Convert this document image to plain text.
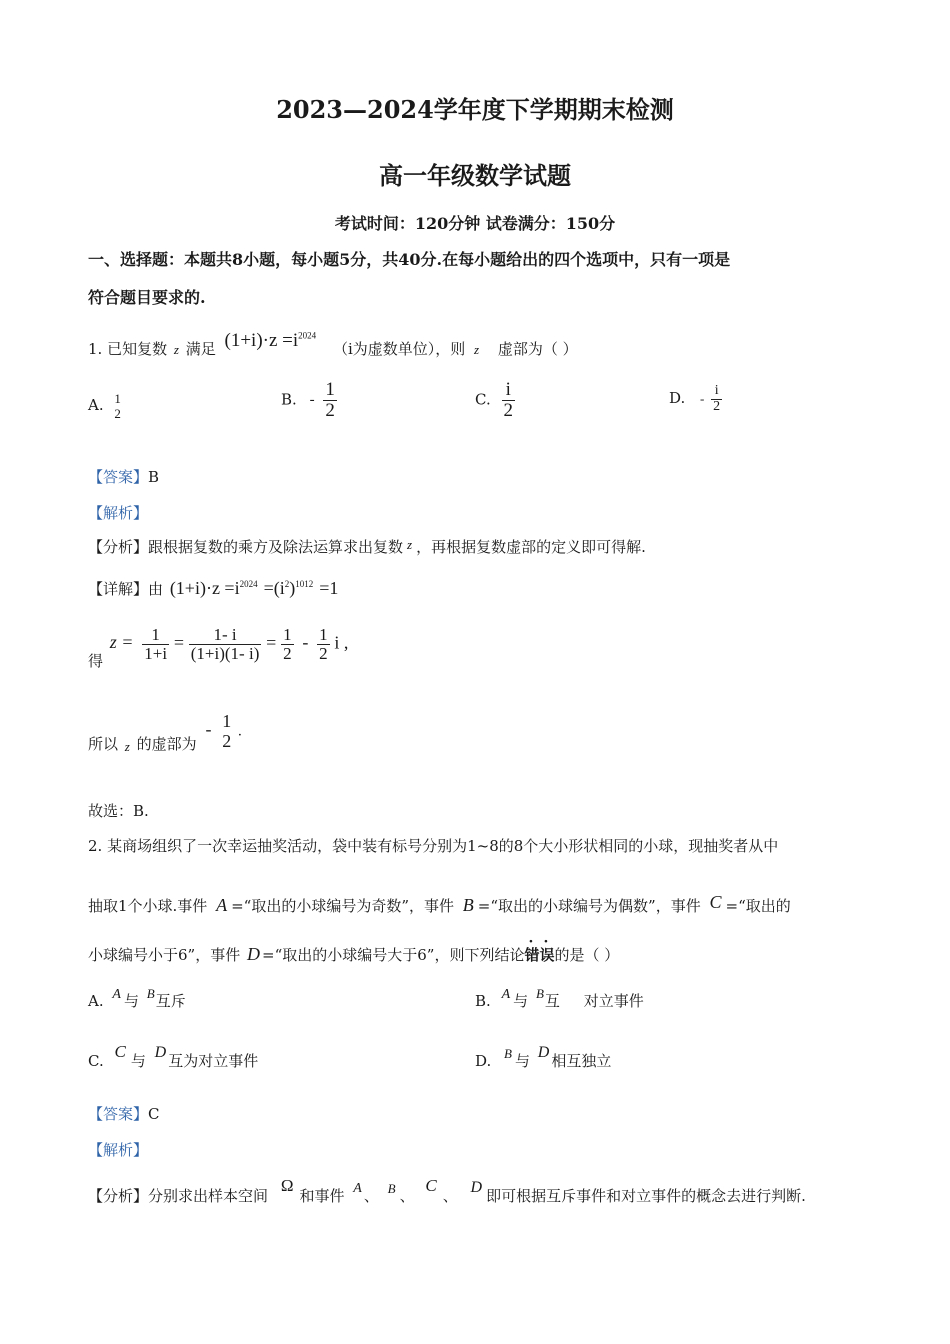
2023—2024学年度下学期期末检测
高一年级数学试题
考试时间：120分钟 试卷满分：150分
一、选择题：本题共8小题，每小题5分，共40分.在每小题给出的四个选项中，只有一项是
符合题目要求的.
1. 已知复数 z 满足 $(1+i)\cdot z =i^{2024}$ （i为虚数单位），则 z 虚部为（ ）
A. 1
2
B. - $\frac{1}{2}$	C. $\frac{i}{2}$	D. - $\frac{i}{2}$
【答案】B
【解析】
【分析】跟根据复数的乘方及除法运算求出复数 z ，再根据复数虚部的定义即可得解.
【详解】由 $(1+i)\cdot z =i^{2024} =(i^2)^{1012} =1$
得 $z = \frac{1}{1+i} = \frac{1- i}{(1+i)(1- i)} = \frac{1}{2} - \frac{1}{2}$ i ,
所以 z 的虚部为 - 1
2 .
故选：B.
2. 某商场组织了一次幸运抽奖活动，袋中装有标号分别为1~8的8个大小形状相同的小球，现抽奖者从中
抽取1个小球.事件 A =“取出的小球编号为奇数”，事件 B =“取出的小球编号为偶数”，事件 C =“取出的
小球编号小于6”，事件 D =“取出的小球编号大于6”，则下列结论错误的是（ ）
A. A 与 B互斥	B. A 与 B互     对立事件
C. C 与 D 互为对立事件	D. B 与 D 相互独立
【答案】C
【解析】
【分析】分别求出样本空间 Ω和事件 A 、 B 、 C、 D 即可根据互斥事件和对立事件的概念去进行判断.
